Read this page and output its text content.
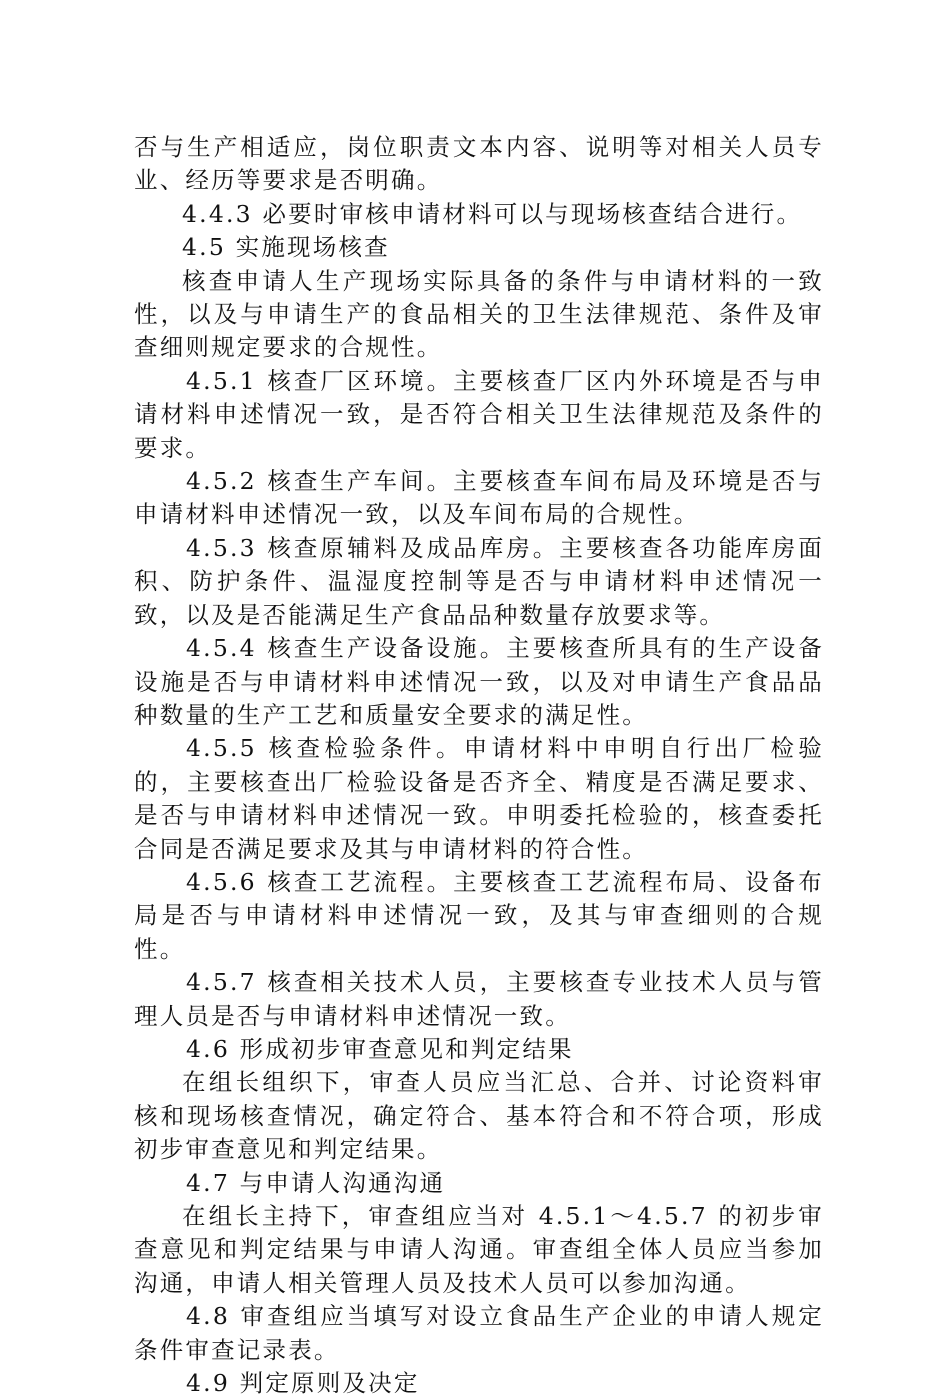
否与生产相适应，岗位职责文本内容、说明等对相关人员专业、经历等要求是否明确。

4.4.3 必要时审核申请材料可以与现场核查结合进行。

4.5 实施现场核查

核查申请人生产现场实际具备的条件与申请材料的一致性，以及与申请生产的食品相关的卫生法律规范、条件及审查细则规定要求的合规性。

4.5.1 核查厂区环境。主要核查厂区内外环境是否与申请材料申述情况一致，是否符合相关卫生法律规范及条件的要求。

4.5.2 核查生产车间。主要核查车间布局及环境是否与申请材料申述情况一致，以及车间布局的合规性。

4.5.3 核查原辅料及成品库房。主要核查各功能库房面积、防护条件、温湿度控制等是否与申请材料申述情况一致，以及是否能满足生产食品品种数量存放要求等。

4.5.4 核查生产设备设施。主要核查所具有的生产设备设施是否与申请材料申述情况一致，以及对申请生产食品品种数量的生产工艺和质量安全要求的满足性。

4.5.5 核查检验条件。申请材料中申明自行出厂检验的，主要核查出厂检验设备是否齐全、精度是否满足要求、是否与申请材料申述情况一致。申明委托检验的，核查委托合同是否满足要求及其与申请材料的符合性。

4.5.6 核查工艺流程。主要核查工艺流程布局、设备布局是否与申请材料申述情况一致，及其与审查细则的合规性。

4.5.7 核查相关技术人员，主要核查专业技术人员与管理人员是否与申请材料申述情况一致。

4.6 形成初步审查意见和判定结果

在组长组织下，审查人员应当汇总、合并、讨论资料审核和现场核查情况，确定符合、基本符合和不符合项，形成初步审查意见和判定结果。

4.7 与申请人沟通沟通

在组长主持下，审查组应当对 4.5.1～4.5.7 的初步审查意见和判定结果与申请人沟通。审查组全体人员应当参加沟通，申请人相关管理人员及技术人员可以参加沟通。

4.8 审查组应当填写对设立食品生产企业的申请人规定条件审查记录表。

4.9 判定原则及决定
